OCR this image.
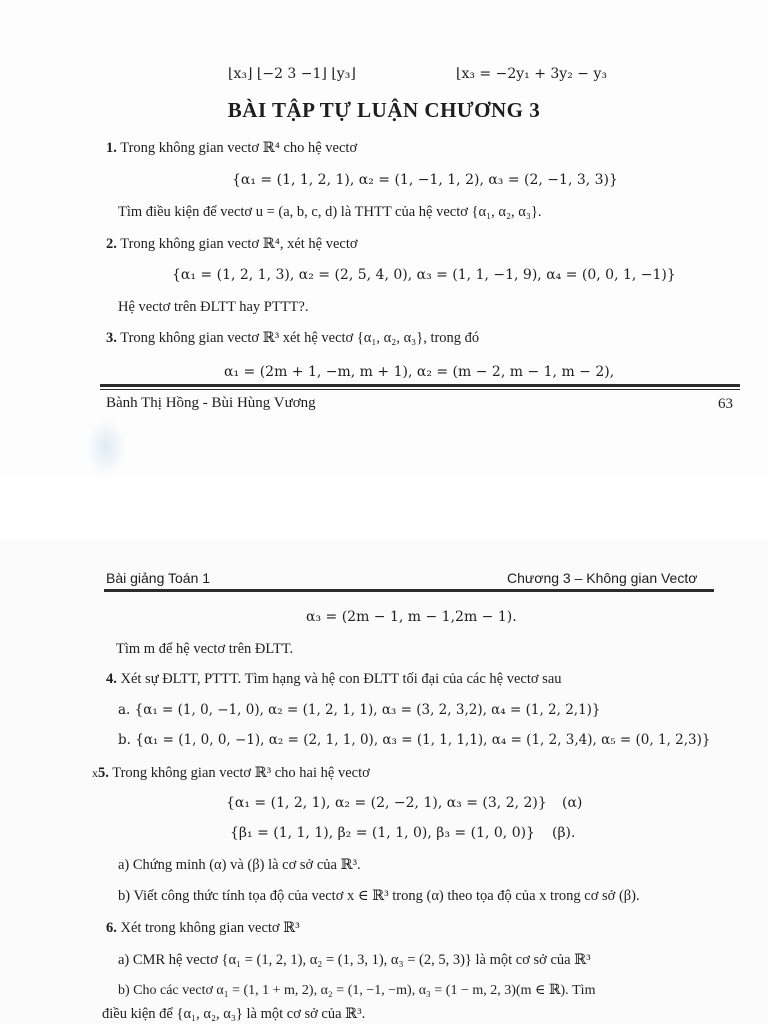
⌊x₃⌋ ⌊−2 3 −1⌋ ⌊y₃⌋	⌊x₃ = −2y₁ + 3y₂ − y₃
BÀI TẬP TỰ LUẬN CHƯƠNG 3
1. Trong không gian vectơ ℝ⁴ cho hệ vectơ
{α₁ = (1, 1, 2, 1), α₂ = (1, −1, 1, 2), α₃ = (2, −1, 3, 3)}
Tìm điều kiện để vectơ u = (a, b, c, d) là THTT của hệ vectơ {α₁, α₂, α₃}.
2. Trong không gian vectơ ℝ⁴, xét hệ vectơ
{α₁ = (1, 2, 1, 3), α₂ = (2, 5, 4, 0), α₃ = (1, 1, −1, 9), α₄ = (0, 0, 1, −1)}
Hệ vectơ trên ĐLTT hay PTTT?.
3. Trong không gian vectơ ℝ³ xét hệ vectơ {α₁, α₂, α₃}, trong đó
α₁ = (2m + 1, −m, m + 1), α₂ = (m − 2, m − 1, m − 2),
Bành Thị Hồng - Bùi Hùng Vương	63
Bài giảng Toán 1	Chương 3 – Không gian Vectơ
α₃ = (2m − 1, m − 1,2m − 1).
Tìm m để hệ vectơ trên ĐLTT.
4. Xét sự ĐLTT, PTTT. Tìm hạng và hệ con ĐLTT tối đại của các hệ vectơ sau
a. {α₁ = (1, 0, −1, 0), α₂ = (1, 2, 1, 1), α₃ = (3, 2, 3,2), α₄ = (1, 2, 2,1)}
b. {α₁ = (1, 0, 0, −1), α₂ = (2, 1, 1, 0), α₃ = (1, 1, 1,1), α₄ = (1, 2, 3,4), α₅ = (0, 1, 2,3)}
x5. Trong không gian vectơ ℝ³ cho hai hệ vectơ
{α₁ = (1, 2, 1), α₂ = (2, −2, 1), α₃ = (3, 2, 2)} (α)
{β₁ = (1, 1, 1), β₂ = (1, 1, 0), β₃ = (1, 0, 0)} (β).
a) Chứng minh (α) và (β) là cơ sở của ℝ³.
b) Viết công thức tính tọa độ của vectơ x ∈ ℝ³ trong (α) theo tọa độ của x trong cơ sở (β).
6. Xét trong không gian vectơ ℝ³
a) CMR hệ vectơ {α₁ = (1, 2, 1), α₂ = (1, 3, 1), α₃ = (2, 5, 3)} là một cơ sở của ℝ³
b) Cho các vectơ α₁ = (1, 1 + m, 2), α₂ = (1, −1, −m), α₃ = (1 − m, 2, 3)(m ∈ ℝ). Tìm
điều kiện để {α₁, α₂, α₃} là một cơ sở của ℝ³.
